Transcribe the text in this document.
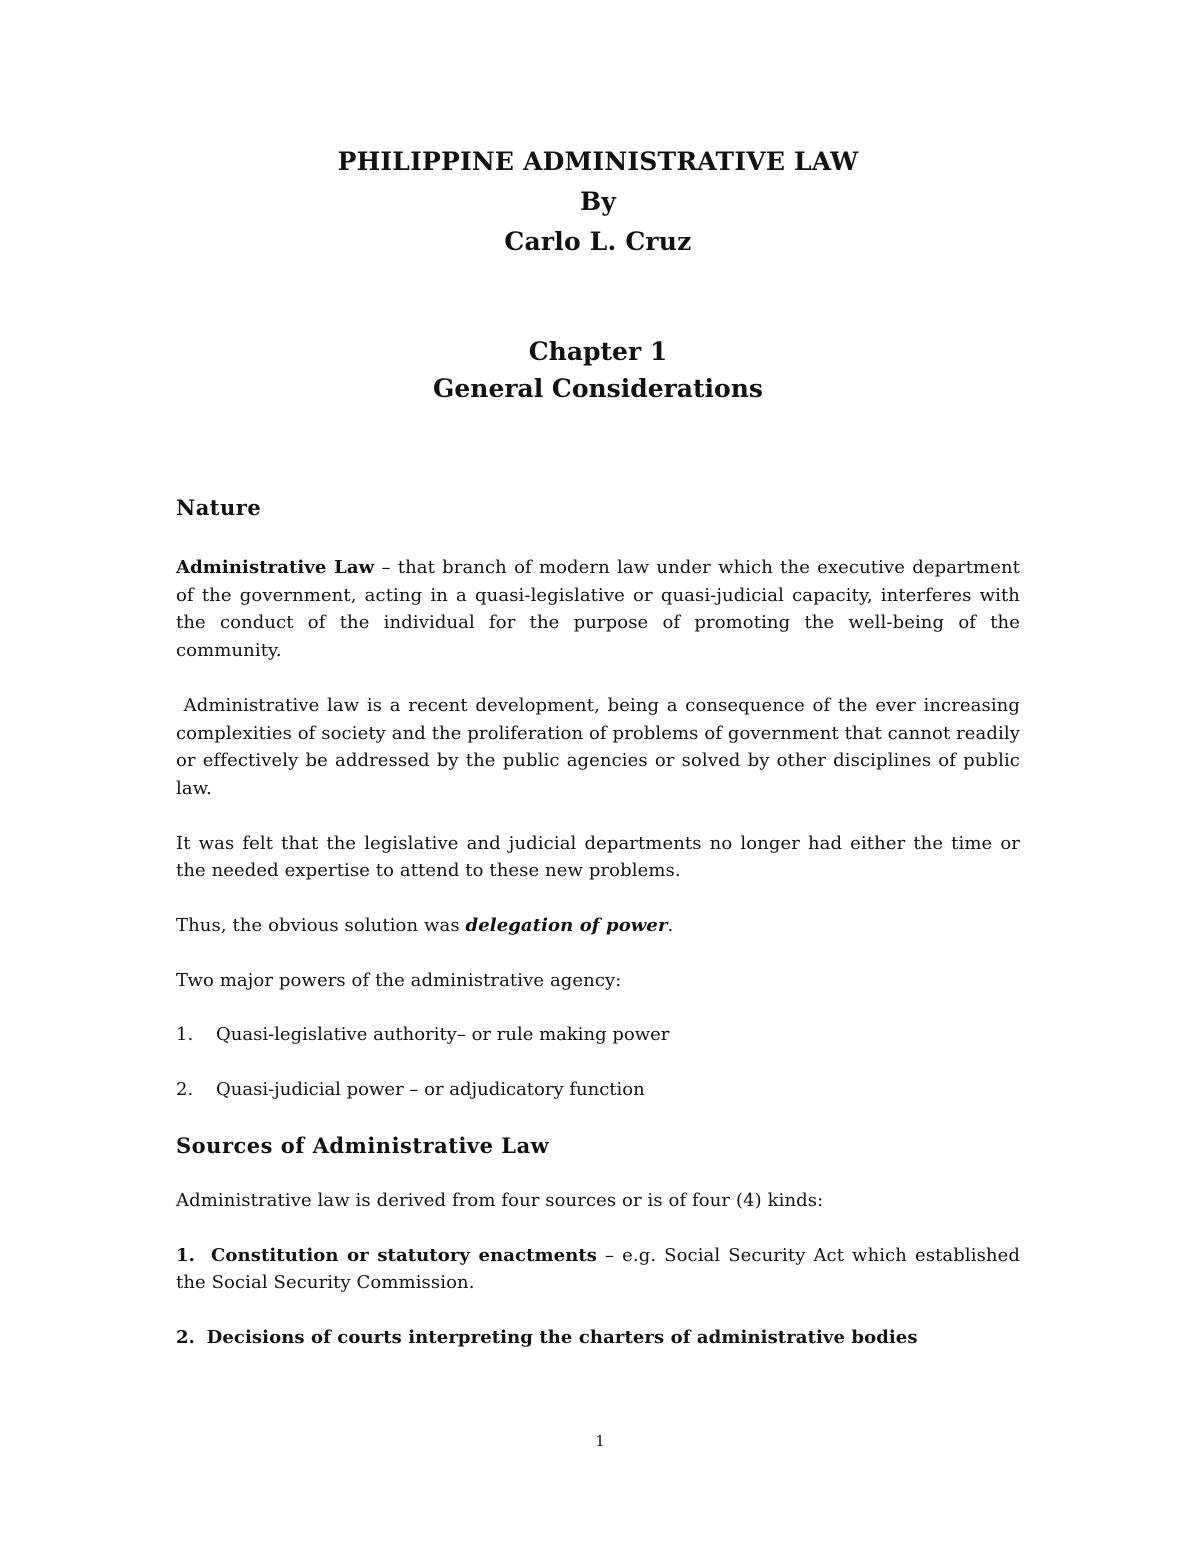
PHILIPPINE ADMINISTRATIVE LAW
By
Carlo L. Cruz
Chapter 1
General Considerations
Nature

Administrative Law – that branch of modern law under which the executive department of the government, acting in a quasi-legislative or quasi-judicial capacity, interferes with the conduct of the individual for the purpose of promoting the well-being of the community.

Administrative law is a recent development, being a consequence of the ever increasing complexities of society and the proliferation of problems of government that cannot readily or effectively be addressed by the public agencies or solved by other disciplines of public law.

It was felt that the legislative and judicial departments no longer had either the time or the needed expertise to attend to these new problems.

Thus, the obvious solution was delegation of power.

Two major powers of the administrative agency:

1.	Quasi-legislative authority– or rule making power
2.	Quasi-judicial power – or adjudicatory function
Sources of Administrative Law

Administrative law is derived from four sources or is of four (4) kinds:

1. Constitution or statutory enactments – e.g. Social Security Act which established the Social Security Commission.

2. Decisions of courts interpreting the charters of administrative bodies

1
